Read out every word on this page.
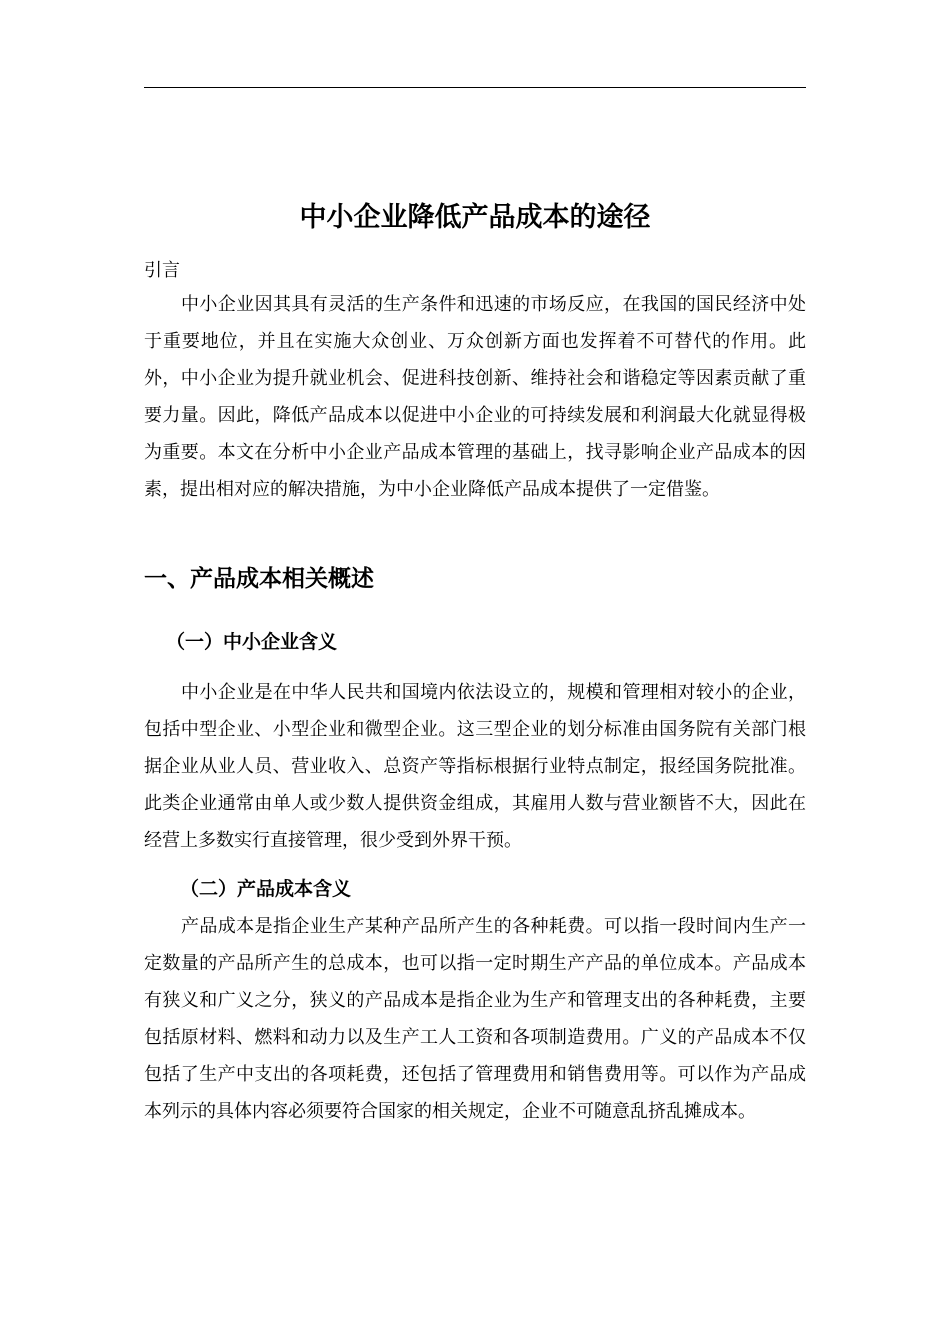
中小企业降低产品成本的途径
引言

中小企业因其具有灵活的生产条件和迅速的市场反应，在我国的国民经济中处于重要地位，并且在实施大众创业、万众创新方面也发挥着不可替代的作用。此外，中小企业为提升就业机会、促进科技创新、维持社会和谐稳定等因素贡献了重要力量。因此，降低产品成本以促进中小企业的可持续发展和利润最大化就显得极为重要。本文在分析中小企业产品成本管理的基础上，找寻影响企业产品成本的因素，提出相对应的解决措施，为中小企业降低产品成本提供了一定借鉴。

一、产品成本相关概述
（一）中小企业含义

中小企业是在中华人民共和国境内依法设立的，规模和管理相对较小的企业，包括中型企业、小型企业和微型企业。这三型企业的划分标准由国务院有关部门根据企业从业人员、营业收入、总资产等指标根据行业特点制定，报经国务院批准。此类企业通常由单人或少数人提供资金组成，其雇用人数与营业额皆不大，因此在经营上多数实行直接管理，很少受到外界干预。

（二）产品成本含义

产品成本是指企业生产某种产品所产生的各种耗费。可以指一段时间内生产一定数量的产品所产生的总成本，也可以指一定时期生产产品的单位成本。产品成本有狭义和广义之分，狭义的产品成本是指企业为生产和管理支出的各种耗费，主要包括原材料、燃料和动力以及生产工人工资和各项制造费用。广义的产品成本不仅包括了生产中支出的各项耗费，还包括了管理费用和销售费用等。可以作为产品成本列示的具体内容必须要符合国家的相关规定，企业不可随意乱挤乱摊成本。
